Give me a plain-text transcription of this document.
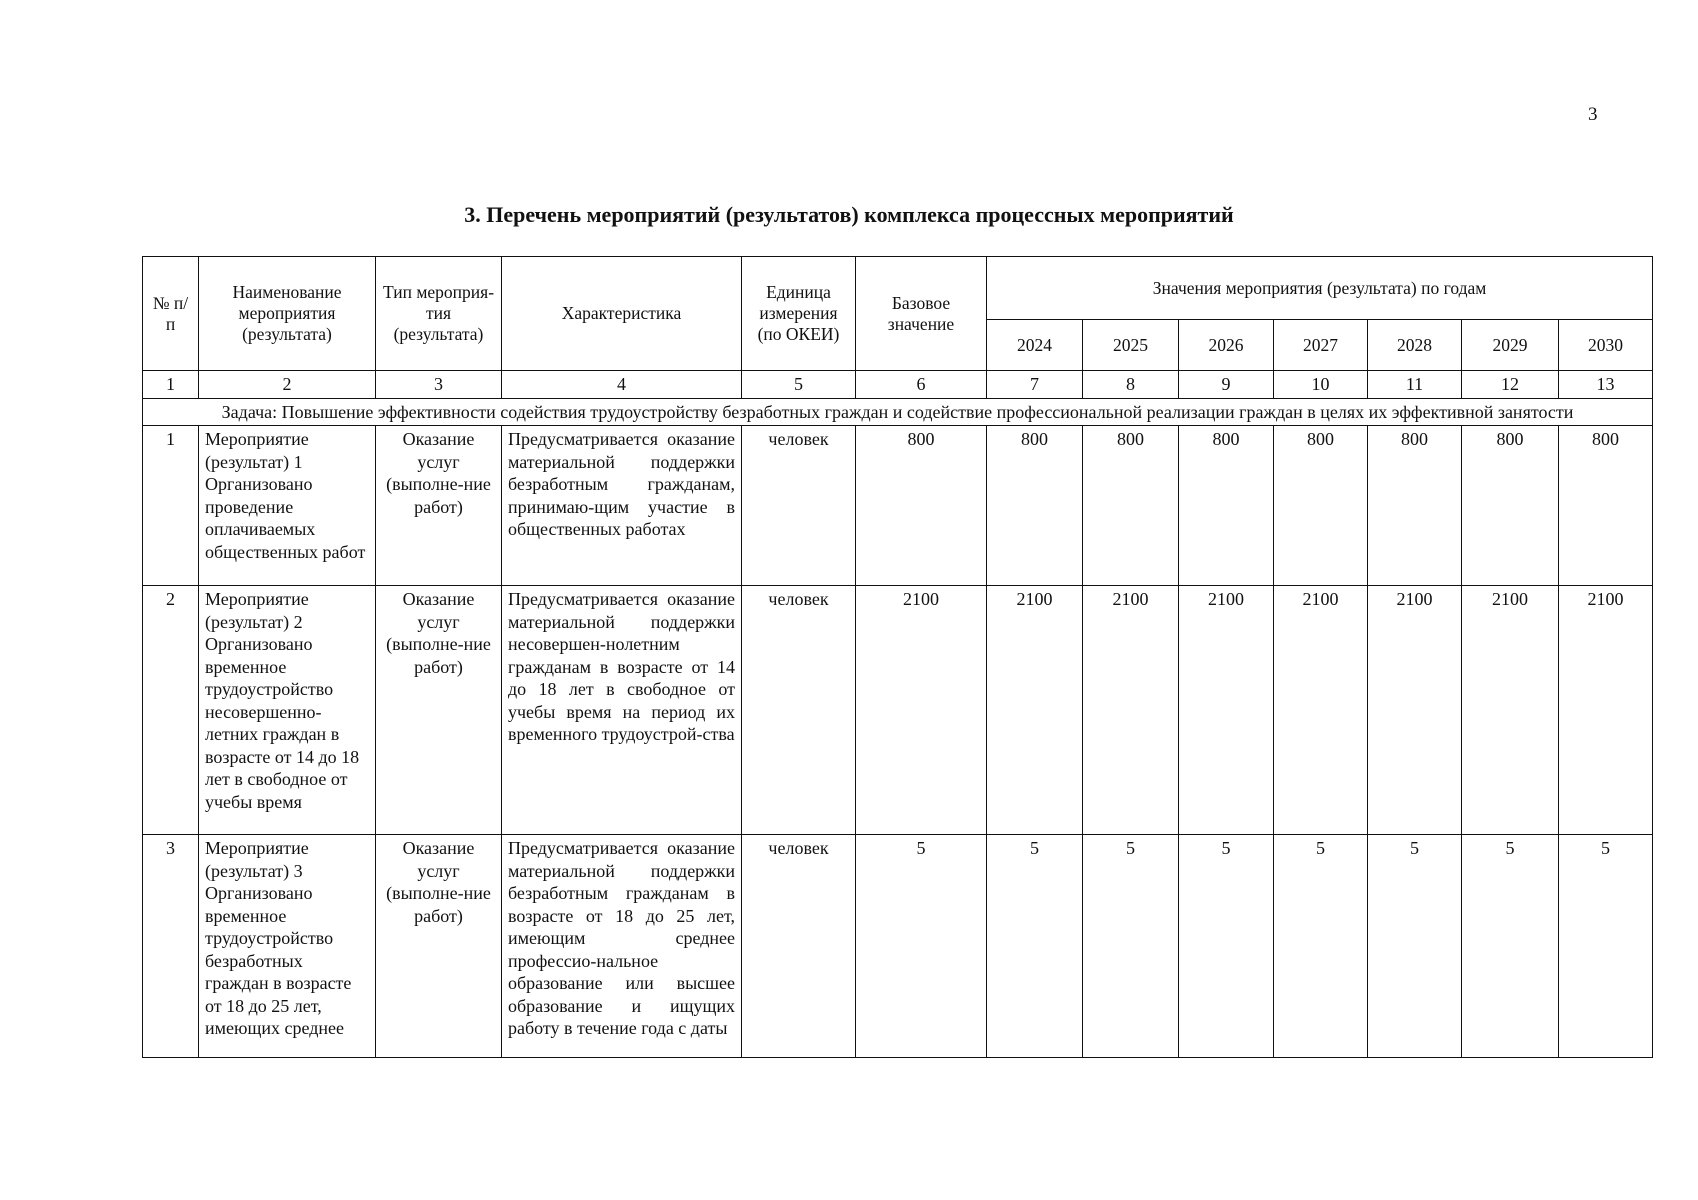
3
3. Перечень мероприятий (результатов) комплекса процессных мероприятий
№ п/п	Наименование мероприятия (результата)	Тип мероприя-тия (результата)	Характеристика	Единица измерения (по ОКЕИ)	Базовое значение	Значения мероприятия (результата) по годам						
						2024	2025	2026	2027	2028	2029	2030
1	2	3	4	5	6	7	8	9	10	11	12	13
Задача: Повышение эффективности содействия трудоустройству безработных граждан и содействие профессиональной реализации граждан в целях их эффективной занятости												
1	Мероприятие (результат) 1 Организовано проведение оплачиваемых общественных работ	Оказание услуг (выполне-ние работ)	Предусматривается оказание материальной поддержки безработным гражданам, принимаю-щим участие в общественных работах	человек	800	800	800	800	800	800	800	800
2	Мероприятие (результат) 2 Организовано временное трудоустройство несовершенно-летних граждан в возрасте от 14 до 18 лет в свободное от учебы время	Оказание услуг (выполне-ние работ)	Предусматривается оказание материальной поддержки несовершен-нолетним гражданам в возрасте от 14 до 18 лет в свободное от учебы время на период их временного трудоустрой-ства	человек	2100	2100	2100	2100	2100	2100	2100	2100
3	Мероприятие (результат) 3 Организовано временное трудоустройство безработных граждан в возрасте от 18 до 25 лет, имеющих среднее	Оказание услуг (выполне-ние работ)	Предусматривается оказание материальной поддержки безработным гражданам в возрасте от 18 до 25 лет, имеющим среднее профессио-нальное образование или высшее образование и ищущих работу в течение года с даты	человек	5	5	5	5	5	5	5	5
